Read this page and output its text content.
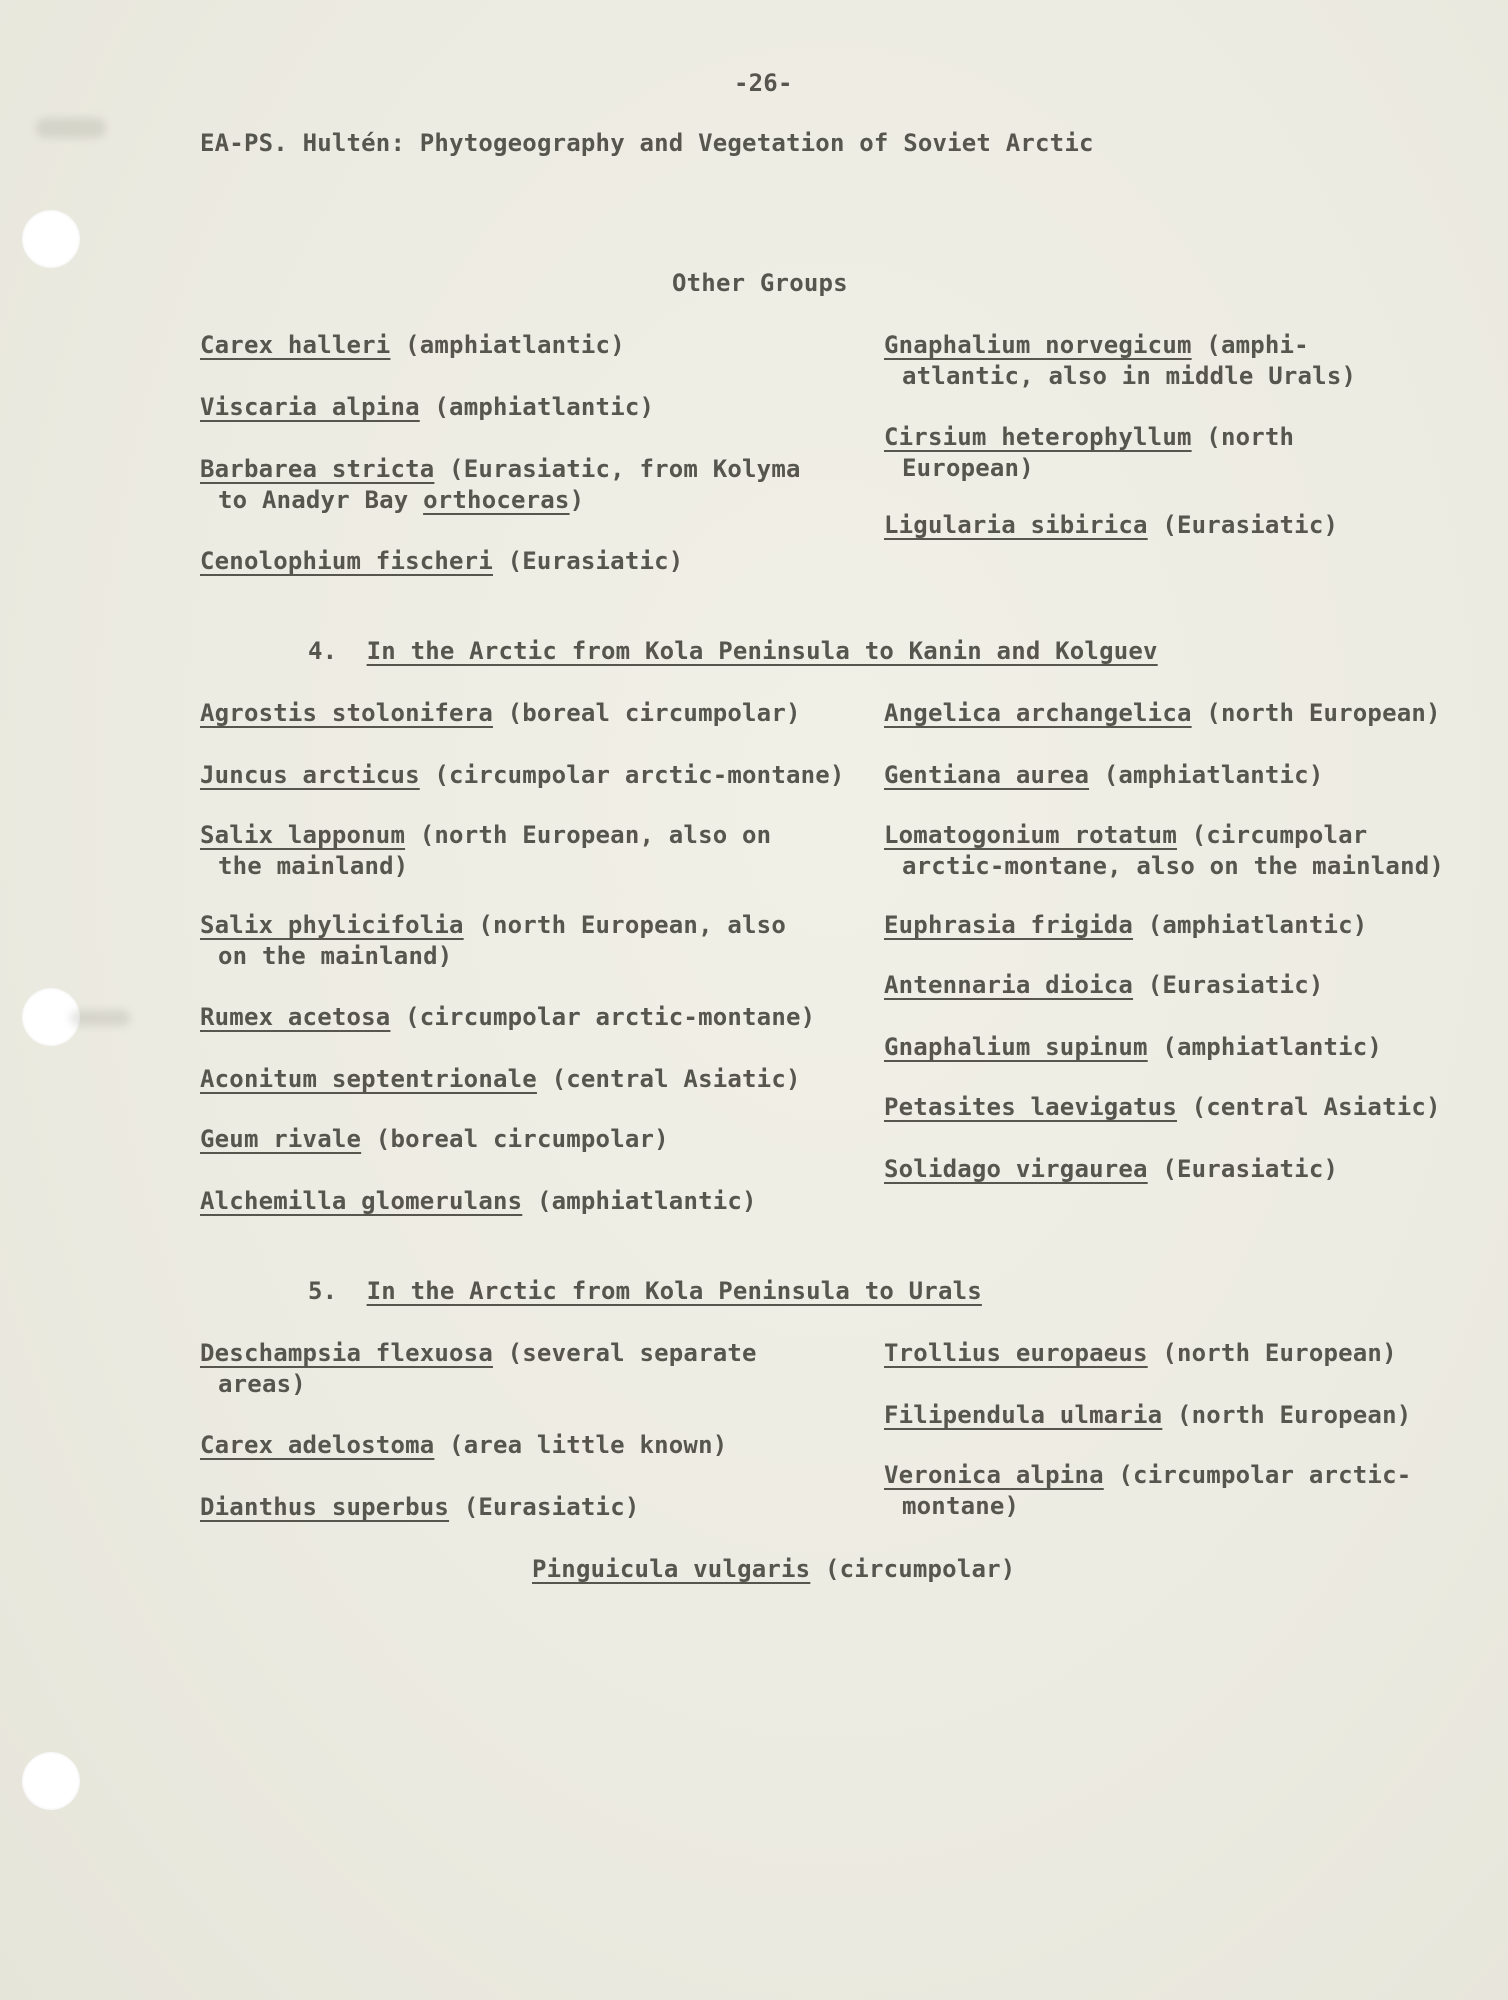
-26-
EA-PS. Hultén: Phytogeography and Vegetation of Soviet Arctic
Other Groups
Carex halleri (amphiatlantic)
Viscaria alpina (amphiatlantic)
Barbarea stricta (Eurasiatic, from Kolyma
to Anadyr Bay orthoceras)
Cenolophium fischeri (Eurasiatic)
Gnaphalium norvegicum (amphi-
atlantic, also in middle Urals)
Cirsium heterophyllum (north
European)
Ligularia sibirica (Eurasiatic)
4. In the Arctic from Kola Peninsula to Kanin and Kolguev
Agrostis stolonifera (boreal circumpolar)
Juncus arcticus (circumpolar arctic-montane)
Salix lapponum (north European, also on
the mainland)
Salix phylicifolia (north European, also
on the mainland)
Rumex acetosa (circumpolar arctic-montane)
Aconitum septentrionale (central Asiatic)
Geum rivale (boreal circumpolar)
Alchemilla glomerulans (amphiatlantic)
Angelica archangelica (north European)
Gentiana aurea (amphiatlantic)
Lomatogonium rotatum (circumpolar
arctic-montane, also on the mainland)
Euphrasia frigida (amphiatlantic)
Antennaria dioica (Eurasiatic)
Gnaphalium supinum (amphiatlantic)
Petasites laevigatus (central Asiatic)
Solidago virgaurea (Eurasiatic)
5. In the Arctic from Kola Peninsula to Urals
Deschampsia flexuosa (several separate
areas)
Carex adelostoma (area little known)
Dianthus superbus (Eurasiatic)
Trollius europaeus (north European)
Filipendula ulmaria (north European)
Veronica alpina (circumpolar arctic-
montane)
Pinguicula vulgaris (circumpolar)
